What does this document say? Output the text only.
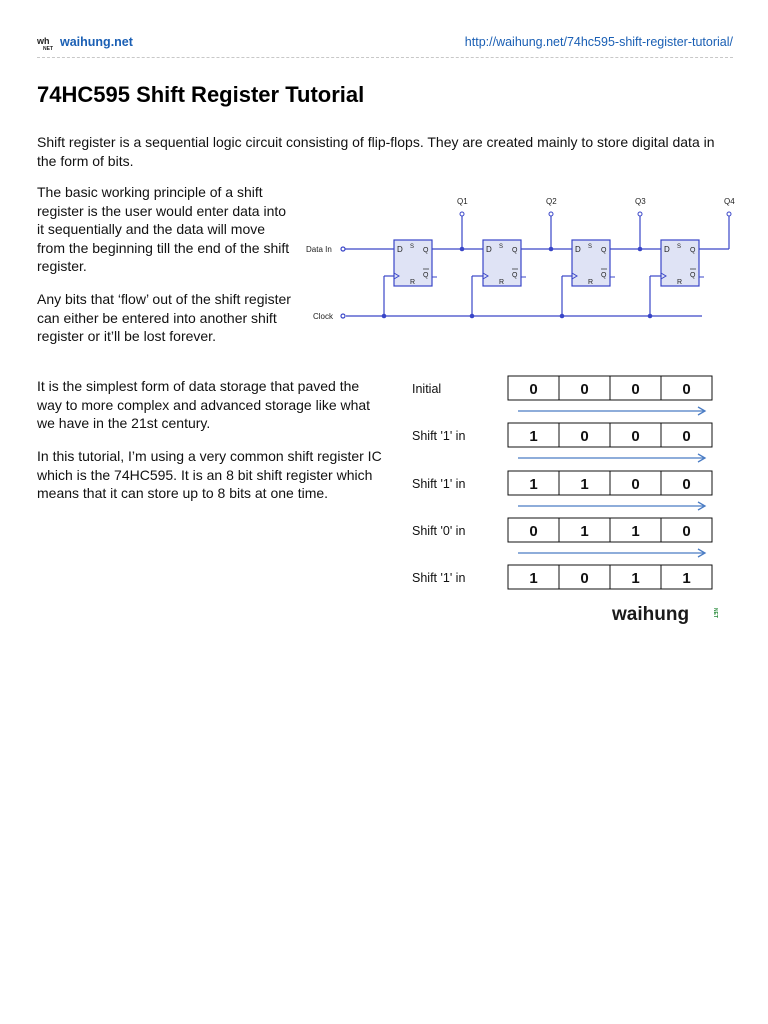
wh
NET waihung.net	http://waihung.net/74hc595-shift-register-tutorial/
74HC595 Shift Register Tutorial

Shift register is a sequential logic circuit consisting of flip-flops. They are created mainly to store digital data in the form of bits.

The basic working principle of a shift register is the user would enter data into it sequentially and the data will move from the beginning till the end of the shift register.

Any bits that ‘flow’ out of the shift register can either be entered into another shift register or it’ll be lost forever.

It is the simplest form of data storage that paved the way to more complex and advanced storage like what we have in the 21st century.

In this tutorial, I’m using a very common shift register IC which is the 74HC595. It is an 8 bit shift register which means that it can store up to 8 bits at one time.

Data In
Clock
D S Q
Q
R
Q1
D S Q
Q
R
Q2
D S Q
Q
R
Q3
D S Q
Q
R
Q4
Initial	0	0	0	0
Shift '1' in	1	0	0	0
Shift '1' in	1	1	0	0
Shift '0' in	0	1	1	0
Shift '1' in	1	0	1	1
waihung	NET
